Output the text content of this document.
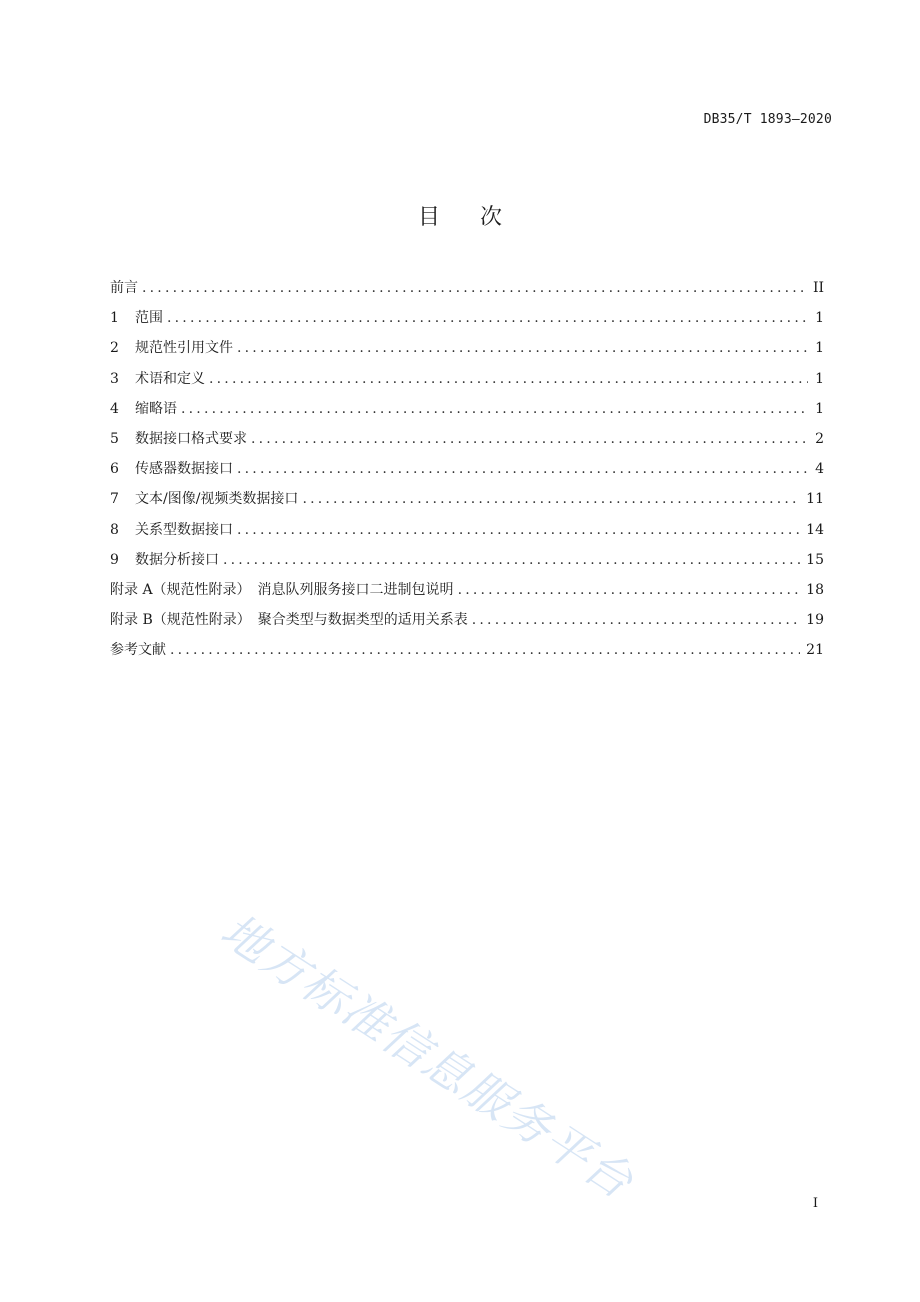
DB35/T 1893—2020
目次
前言 .....	II
1 范围 .....	1
2 规范性引用文件 .....	1
3 术语和定义 .....	1
4 缩略语 .....	1
5 数据接口格式要求 .....	2
6 传感器数据接口 .....	4
7 文本/图像/视频类数据接口 .....	11
8 关系型数据接口 .....	14
9 数据分析接口 .....	15
附录 A（规范性附录）　消息队列服务接口二进制包说明 .....	18
附录 B（规范性附录）　聚合类型与数据类型的适用关系表 .....	19
参考文献 .....	21
地方标准信息服务平台	I
